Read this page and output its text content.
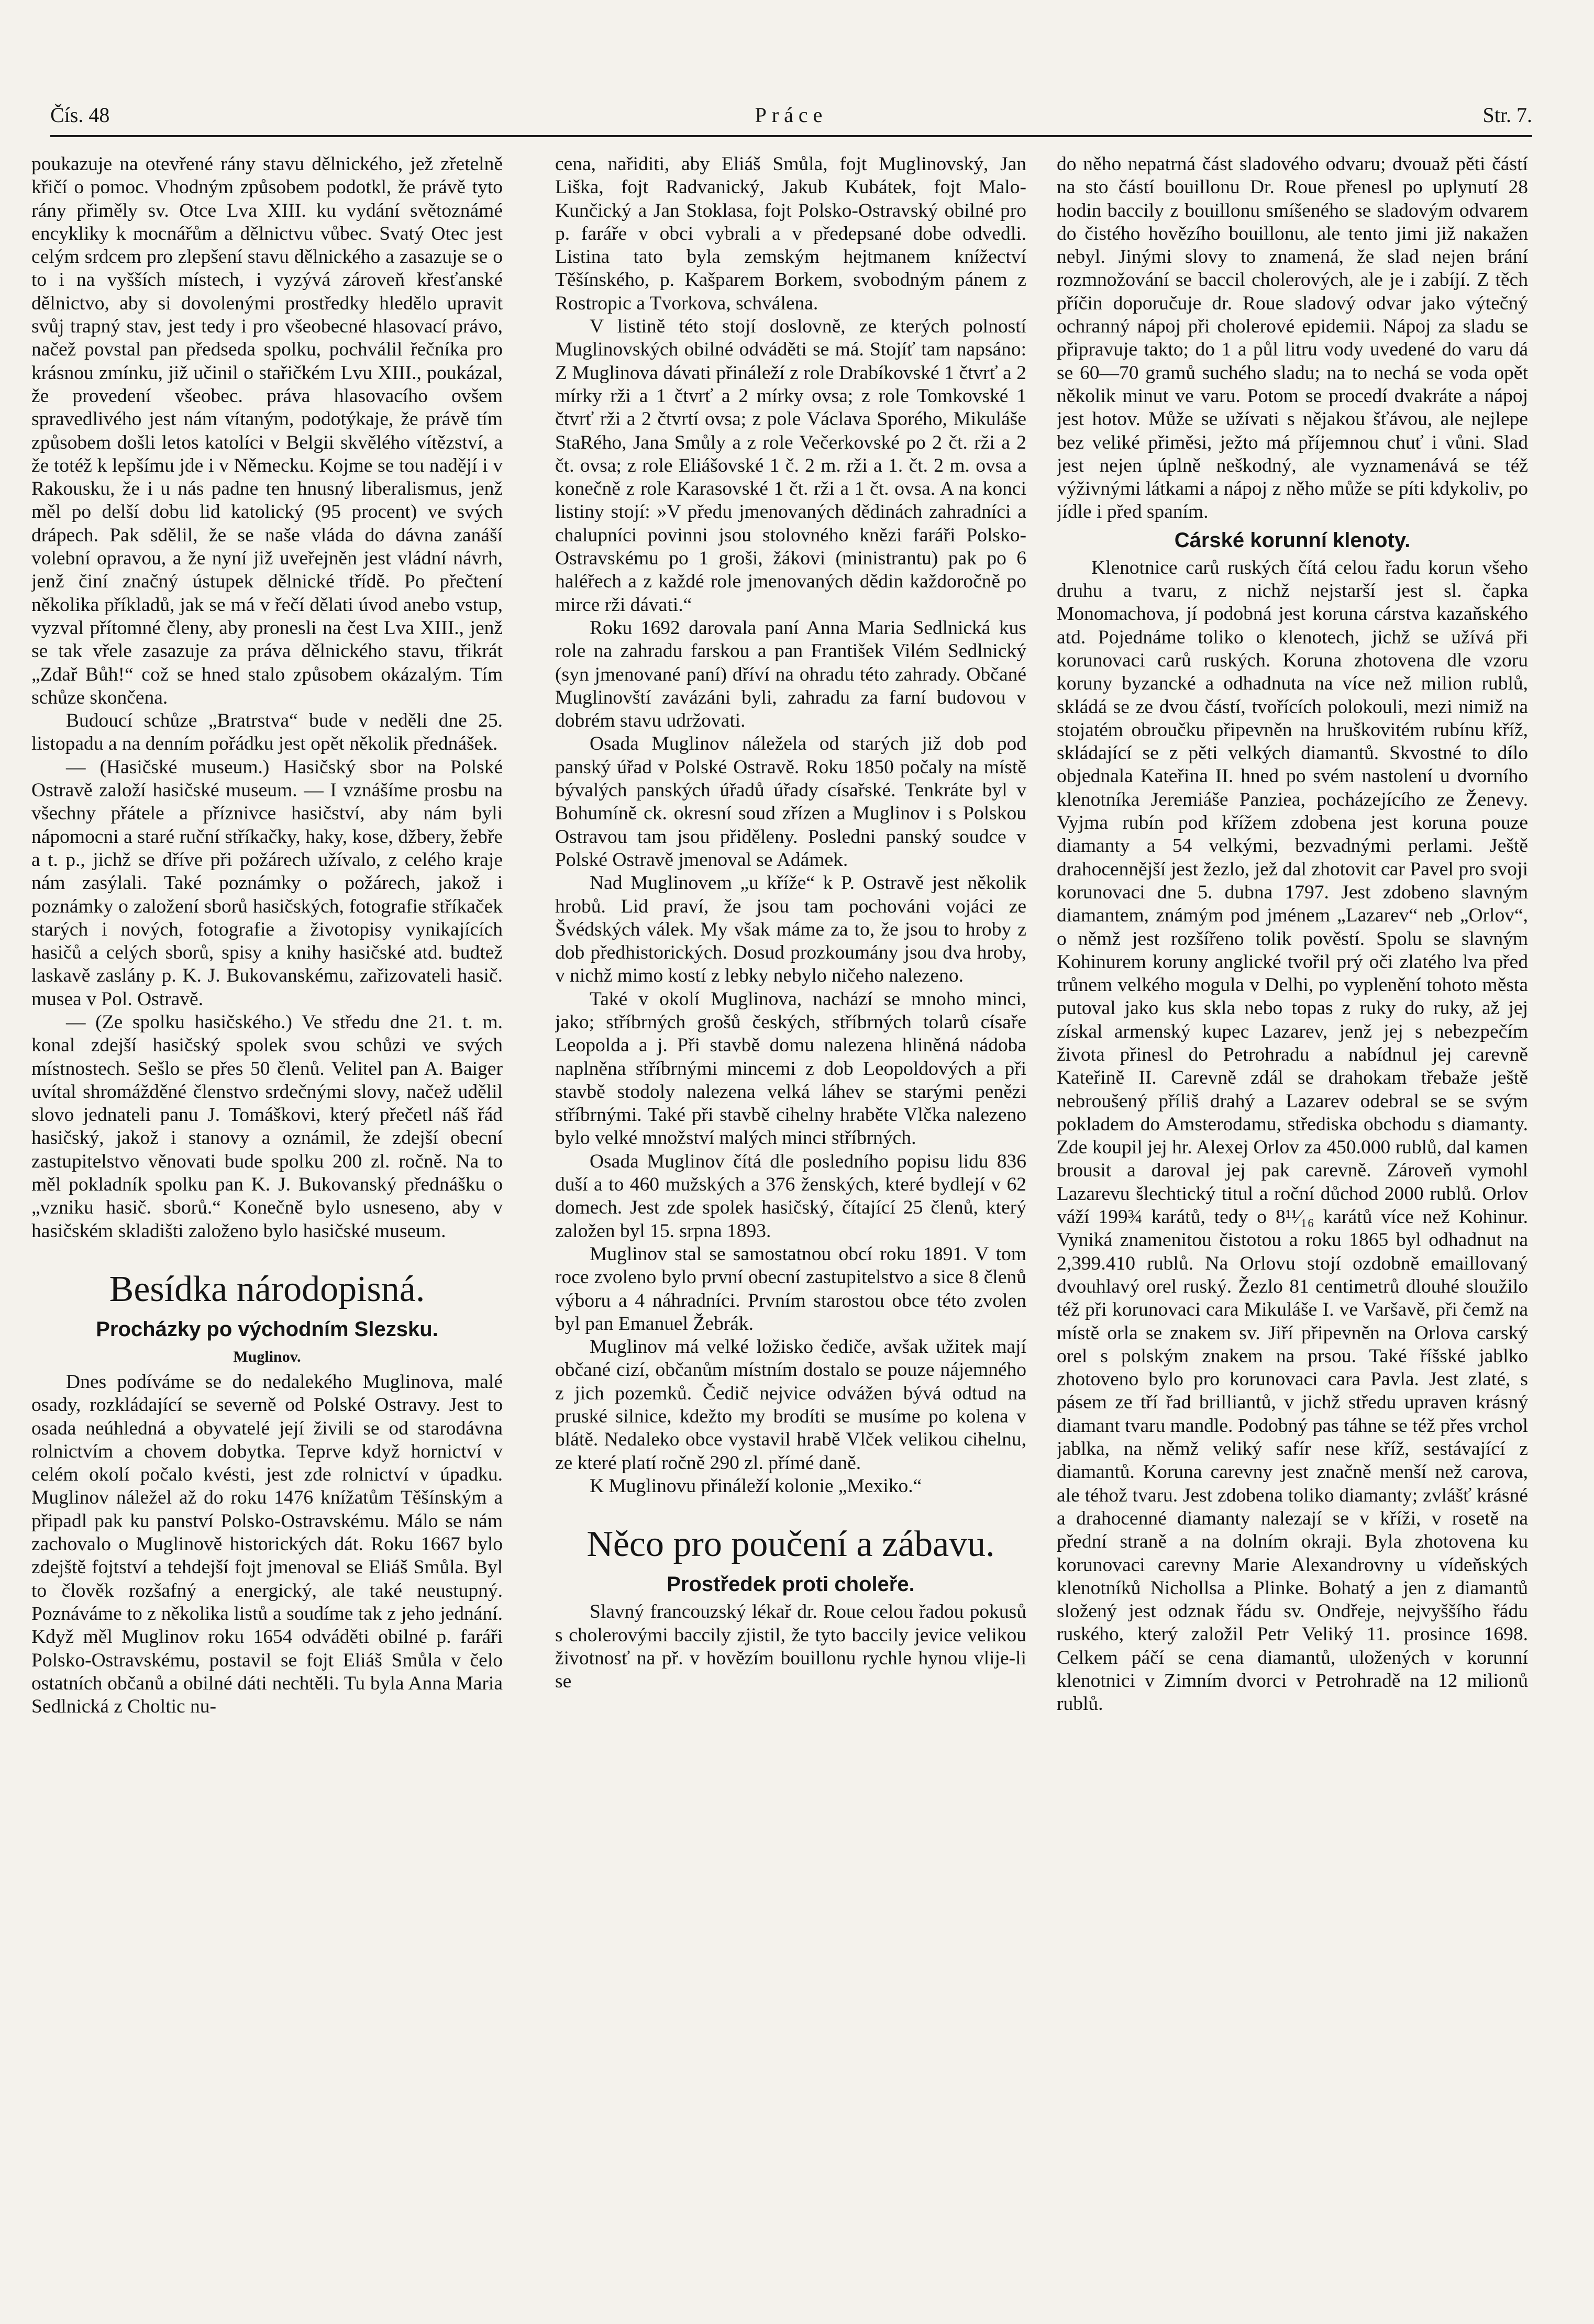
Čís. 48	Práce	Str. 7.

poukazuje na otevřené rány stavu dělnického, jež zřetelně křičí o pomoc. Vhodným způsobem podotkl, že právě tyto rány přiměly sv. Otce Lva XIII. ku vydání světoznámé encykliky k mocnářům a dělnictvu vůbec. Svatý Otec jest celým srdcem pro zlepšení stavu dělnického a zasazuje se o to i na vyšších místech, i vyzývá zároveň křesťanské dělnictvo, aby si dovolenými prostředky hledělo upravit svůj trapný stav, jest tedy i pro všeobecné hlasovací právo, načež povstal pan předseda spolku, pochválil řečníka pro krásnou zmínku, již učinil o stařičkém Lvu XIII., poukázal, že provedení všeobec. práva hlasovacího ovšem spravedlivého jest nám vítaným, podotýkaje, že právě tím způsobem došli letos katolíci v Belgii skvělého vítězství, a že totéž k lepšímu jde i v Německu. Kojme se tou nadějí i v Rakousku, že i u nás padne ten hnusný liberalismus, jenž měl po delší dobu lid katolický (95 procent) ve svých drápech. Pak sdělil, že se naše vláda do dávna zanáší volební opravou, a že nyní již uveřejněn jest vládní návrh, jenž činí značný ústupek dělnické třídě. Po přečtení několika příkladů, jak se má v řečí dělati úvod anebo vstup, vyzval přítomné členy, aby pronesli na čest Lva XIII., jenž se tak vřele zasazuje za práva dělnického stavu, třikrát „Zdař Bůh!“ což se hned stalo způsobem okázalým. Tím schůze skončena.

Budoucí schůze „Bratrstva“ bude v neděli dne 25. listopadu a na denním pořádku jest opět několik přednášek.

— (Hasičské museum.) Hasičský sbor na Polské Ostravě založí hasičské museum. — I vznášíme prosbu na všechny přátele a příznivce hasičství, aby nám byli nápomocni a staré ruční stříkačky, haky, kose, džbery, žebře a t. p., jichž se dříve při požárech užívalo, z celého kraje nám zasýlali. Také poznámky o požárech, jakož i poznámky o založení sborů hasičských, fotografie stříkaček starých i nových, fotografie a životopisy vynikajících hasičů a celých sborů, spisy a knihy hasičské atd. budtež laskavě zaslány p. K. J. Bukovanskému, zařizovateli hasič. musea v Pol. Ostravě.

— (Ze spolku hasičského.) Ve středu dne 21. t. m. konal zdejší hasičský spolek svou schůzi ve svých místnostech. Sešlo se přes 50 členů. Velitel pan A. Baiger uvítal shromážděné členstvo srdečnými slovy, načež udělil slovo jednateli panu J. Tomáškovi, který přečetl náš řád hasičský, jakož i stanovy a oznámil, že zdejší obecní zastupitelstvo věnovati bude spolku 200 zl. ročně. Na to měl pokladník spolku pan K. J. Bukovanský přednášku o „vzniku hasič. sborů.“ Konečně bylo usneseno, aby v hasičském skladišti založeno bylo hasičské museum.

Besídka národopisná.
Procházky po východním Slezsku.
Muglinov.

Dnes podíváme se do nedalekého Muglinova, malé osady, rozkládající se severně od Polské Ostravy. Jest to osada neúhledná a obyvatelé její živili se od starodávna rolnictvím a chovem dobytka. Teprve když hornictví v celém okolí počalo kvésti, jest zde rolnictví v úpadku. Muglinov náležel až do roku 1476 knížatům Těšínským a připadl pak ku panství Polsko-Ostravskému. Málo se nám zachovalo o Muglinově historických dát. Roku 1667 bylo zdejště fojtství a tehdejší fojt jmenoval se Eliáš Smůla. Byl to člověk rozšafný a energický, ale také neustupný. Poznáváme to z několika listů a soudíme tak z jeho jednání. Když měl Muglinov roku 1654 odváděti obilné p. faráři Polsko-Ostravskému, postavil se fojt Eliáš Smůla v čelo ostatních občanů a obilné dáti nechtěli. Tu byla Anna Maria Sedlnická z Choltic nu-

cena, nařiditi, aby Eliáš Smůla, fojt Muglinovský, Jan Liška, fojt Radvanický, Jakub Kubátek, fojt Malo-Kunčický a Jan Stoklasa, fojt Polsko-Ostravský obilné pro p. faráře v obci vybrali a v předepsané dobe odvedli. Listina tato byla zemským hejtmanem knížectví Těšínského, p. Kašparem Borkem, svobodným pánem z Rostropic a Tvorkova, schválena.

V listině této stojí doslovně, ze kterých polností Muglinovských obilné odváděti se má. Stojíť tam napsáno: Z Muglinova dávati přináleží z role Drabíkovské 1 čtvrť a 2 mírky rži a 1 čtvrť a 2 mírky ovsa; z role Tomkovské 1 čtvrť rži a 2 čtvrtí ovsa; z pole Václava Sporého, Mikuláše StaRého, Jana Smůly a z role Večerkovské po 2 čt. rži a 2 čt. ovsa; z role Eliášovské 1 č. 2 m. rži a 1. čt. 2 m. ovsa a konečně z role Karasovské 1 čt. rži a 1 čt. ovsa. A na konci listiny stojí: »V předu jmenovaných dědinách zahradníci a chalupníci povinni jsou stolovného knězi faráři Polsko-Ostravskému po 1 groši, žákovi (ministrantu) pak po 6 haléřech a z každé role jmenovaných dědin každoročně po mirce rži dávati.“

Roku 1692 darovala paní Anna Maria Sedlnická kus role na zahradu farskou a pan František Vilém Sedlnický (syn jmenované paní) dříví na ohradu této zahrady. Občané Muglinovští zavázáni byli, zahradu za farní budovou v dobrém stavu udržovati.

Osada Muglinov náležela od starých již dob pod panský úřad v Polské Ostravě. Roku 1850 počaly na místě bývalých panských úřadů úřady císařské. Tenkráte byl v Bohumíně ck. okresní soud zřízen a Muglinov i s Polskou Ostravou tam jsou přiděleny. Posledni panský soudce v Polské Ostravě jmenoval se Adámek.

Nad Muglinovem „u kříže“ k P. Ostravě jest několik hrobů. Lid praví, že jsou tam pochováni vojáci ze Švédských válek. My však máme za to, že jsou to hroby z dob předhistorických. Dosud prozkoumány jsou dva hroby, v nichž mimo kostí z lebky nebylo ničeho nalezeno.

Také v okolí Muglinova, nachází se mnoho minci, jako; stříbrných grošů českých, stříbrných tolarů císaře Leopolda a j. Při stavbě domu nalezena hliněná nádoba naplněna stříbrnými mincemi z dob Leopoldových a při stavbě stodoly nalezena velká láhev se starými penězi stříbrnými. Také při stavbě cihelny hraběte Vlčka nalezeno bylo velké množství malých minci stříbrných.

Osada Muglinov čítá dle posledního popisu lidu 836 duší a to 460 mužských a 376 ženských, které bydlejí v 62 domech. Jest zde spolek hasičský, čítající 25 členů, který založen byl 15. srpna 1893.

Muglinov stal se samostatnou obcí roku 1891. V tom roce zvoleno bylo první obecní zastupitelstvo a sice 8 členů výboru a 4 náhradníci. Prvním starostou obce této zvolen byl pan Emanuel Žebrák.

Muglinov má velké ložisko čediče, avšak užitek mají občané cizí, občanům místním dostalo se pouze nájemného z jich pozemků. Čedič nejvice odvážen bývá odtud na pruské silnice, kdežto my brodíti se musíme po kolena v blátě. Nedaleko obce vystavil hrabě Vlček velikou cihelnu, ze které platí ročně 290 zl. přímé daně.

K Muglinovu přináleží kolonie „Mexiko.“

Něco pro poučení a zábavu.
Prostředek proti choleře.

Slavný francouzský lékař dr. Roue celou řadou pokusů s cholerovými baccily zjistil, že tyto baccily jevice velikou životnosť na př. v hovězím bouillonu rychle hynou vlije-li se

do něho nepatrná část sladového odvaru; dvouaž pěti částí na sto částí bouillonu Dr. Roue přenesl po uplynutí 28 hodin baccily z bouillonu smíšeného se sladovým odvarem do čistého hovězího bouillonu, ale tento jimi již nakažen nebyl. Jinými slovy to znamená, že slad nejen brání rozmnožování se baccil cholerových, ale je i zabíjí. Z těch příčin doporučuje dr. Roue sladový odvar jako výtečný ochranný nápoj při cholerové epidemii. Nápoj za sladu se připravuje takto; do 1 a půl litru vody uvedené do varu dá se 60—70 gramů suchého sladu; na to nechá se voda opět několik minut ve varu. Potom se procedí dvakráte a nápoj jest hotov. Může se užívati s nějakou šťávou, ale nejlepe bez veliké přiměsi, ježto má příjemnou chuť i vůni. Slad jest nejen úplně neškodný, ale vyznamenává se též výživnými látkami a nápoj z něho může se píti kdykoliv, po jídle i před spaním.

Cárské korunní klenoty.

Klenotnice carů ruských čítá celou řadu korun všeho druhu a tvaru, z nichž nejstarší jest sl. čapka Monomachova, jí podobná jest koruna cárstva kazaňského atd. Pojednáme toliko o klenotech, jichž se užívá při korunovaci carů ruských. Koruna zhotovena dle vzoru koruny byzancké a odhadnuta na více než milion rublů, skládá se ze dvou částí, tvořících polokouli, mezi nimiž na stojatém obroučku připevněn na hruškovitém rubínu kříž, skládající se z pěti velkých diamantů. Skvostné to dílo objednala Kateřina II. hned po svém nastolení u dvorního klenotníka Jeremiáše Panziea, pocházejícího ze Ženevy. Vyjma rubín pod křížem zdobena jest koruna pouze diamanty a 54 velkými, bezvadnými perlami. Ještě drahocennější jest žezlo, jež dal zhotovit car Pavel pro svoji korunovaci dne 5. dubna 1797. Jest zdobeno slavným diamantem, známým pod jménem „Lazarev“ neb „Orlov“, o němž jest rozšířeno tolik pověstí. Spolu se slavným Kohinurem koruny anglické tvořil prý oči zlatého lva před trůnem velkého mogula v Delhi, po vyplenění tohoto města putoval jako kus skla nebo topas z ruky do ruky, až jej získal armenský kupec Lazarev, jenž jej s nebezpečím života přinesl do Petrohradu a nabídnul jej carevně Kateřině II. Carevně zdál se drahokam třebaže ještě nebroušený příliš drahý a Lazarev odebral se se svým pokladem do Amsterodamu, střediska obchodu s diamanty. Zde koupil jej hr. Alexej Orlov za 450.000 rublů, dal kamen brousit a daroval jej pak carevně. Zároveň vymohl Lazarevu šlechtický titul a roční důchod 2000 rublů. Orlov váží 199¾ karátů, tedy o 8¹¹⁄₁₆ karátů více než Kohinur. Vyniká znamenitou čistotou a roku 1865 byl odhadnut na 2,399.410 rublů. Na Orlovu stojí ozdobně emaillovaný dvouhlavý orel ruský. Žezlo 81 centimetrů dlouhé sloužilo též při korunovaci cara Mikuláše I. ve Varšavě, při čemž na místě orla se znakem sv. Jiří připevněn na Orlova carský orel s polským znakem na prsou. Také říšské jablko zhotoveno bylo pro korunovaci cara Pavla. Jest zlaté, s pásem ze tří řad brilliantů, v jichž středu upraven krásný diamant tvaru mandle. Podobný pas táhne se též přes vrchol jablka, na němž veliký safír nese kříž, sestávající z diamantů. Koruna carevny jest značně menší než carova, ale téhož tvaru. Jest zdobena toliko diamanty; zvlášť krásné a drahocenné diamanty nalezají se v kříži, v rosetě na přední straně a na dolním okraji. Byla zhotovena ku korunovaci carevny Marie Alexandrovny u vídeňských klenotníků Nichollsa a Plinke. Bohatý a jen z diamantů složený jest odznak řádu sv. Ondřeje, nejvyššího řádu ruského, který založil Petr Veliký 11. prosince 1698. Celkem páčí se cena diamantů, uložených v korunní klenotnici v Zimním dvorci v Petrohradě na 12 milionů rublů.
